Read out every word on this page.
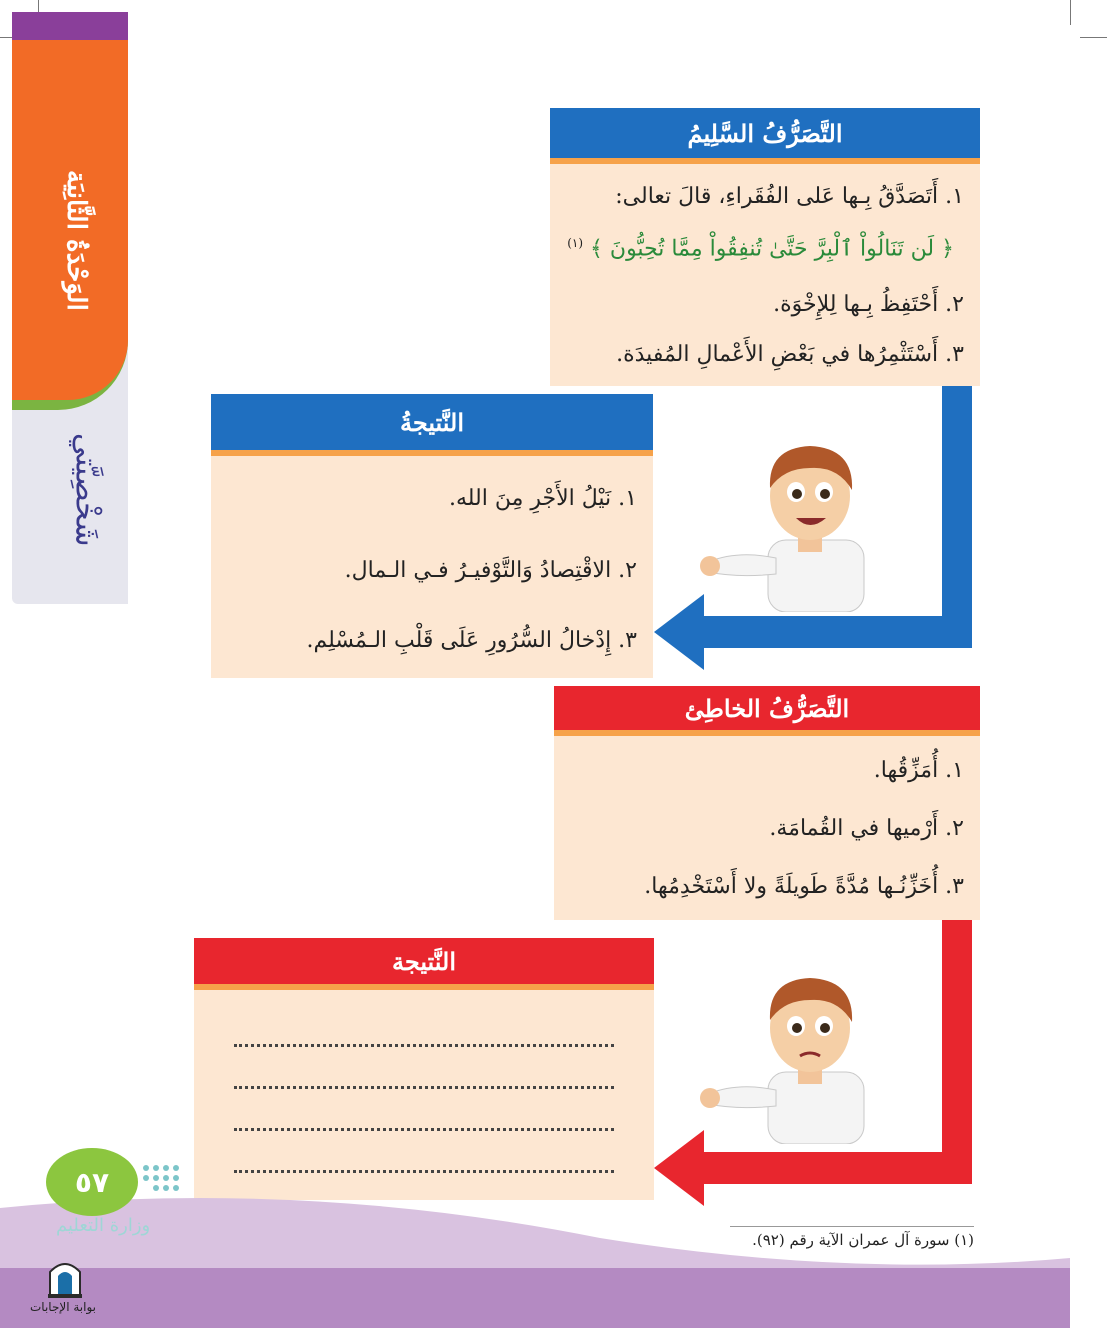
الوَحْدَةُ الثَّانِيَة
شَخْصِيَّتي
التَّصَرُّفُ السَّلِيمُ
١. أَتَصَدَّقُ بِـها عَلى الفُقَراءِ، قالَ تعالى:
﴿ لَن تَنَالُواْ ٱلْبِرَّ حَتَّىٰ تُنفِقُواْ مِمَّا تُحِبُّونَ ﴾ $^{(١)}$
٢. أَحْتَفِظُ بِـها لِلإِخْوَة.
٣. أَسْتَثْمِرُها في بَعْضِ الأَعْمالِ المُفيدَة.
النَّتيجةُ
١. نَيْلُ الأَجْرِ مِنَ الله.
٢. الاقْتِصادُ وَالتَّوْفيـرُ فـي الـمال.
٣. إِدْخالُ السُّرُورِ عَلَى قَلْبِ الـمُسْلِم.
التَّصَرُّفُ الخاطِئ
١. أُمَزِّقُها.
٢. أَرْميها في القُمامَة.
٣. أُخَزِّنُـها مُدَّةً طَويلَةً ولا أَسْتَخْدِمُها.
النَّتيجة
(١) سورة آل عمران الآية رقم (٩٢).
٥٧
وزارة التعليم
بوابة الإجابات
